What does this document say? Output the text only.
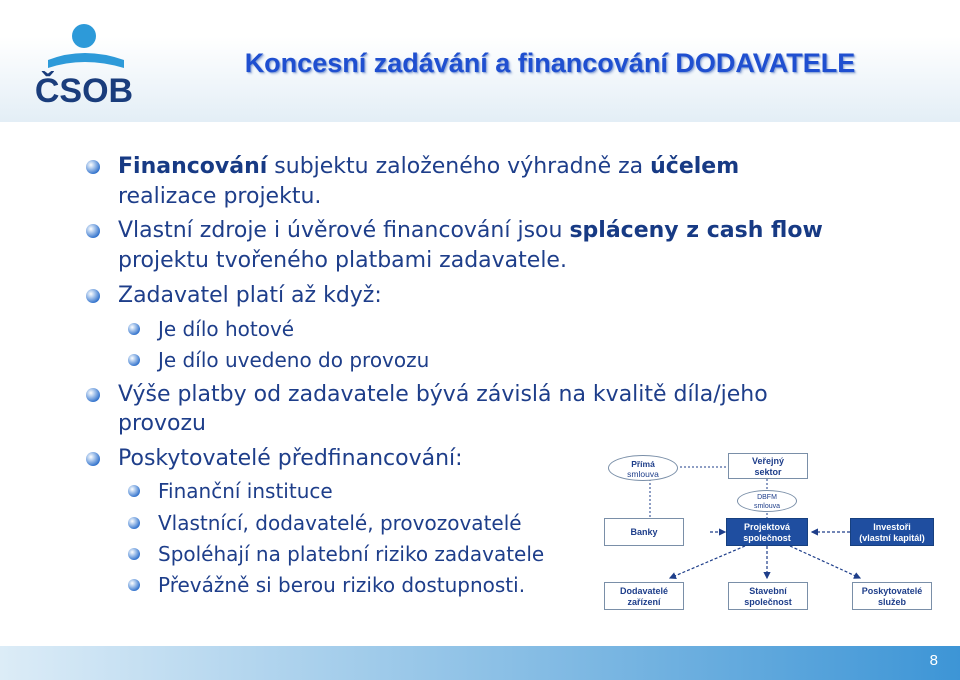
ČSOB
Koncesní zadávání a financování DODAVATELE
Financování subjektu založeného výhradně za účelem
realizace projektu.
Vlastní zdroje i úvěrové financování jsou spláceny z cash flow
projektu tvořeného platbami zadavatele.
Zadavatel platí až když:
Je dílo hotové
Je dílo uvedeno do provozu
Výše platby od zadavatele bývá závislá na kvalitě díla/jeho
provozu
Poskytovatelé předfinancování:
Finanční instituce
Vlastnící, dodavatelé, provozovatelé
Spoléhají na platební riziko zadavatele
Převážně si berou riziko dostupnosti.
Přímá
smlouva
Veřejný
sektor
DBFM
smlouva
Banky	Projektová
společnost
Investoři
(vlastní kapitál)
Dodavatelé
zařízení
Stavební
společnost
Poskytovatelé
služeb
8
